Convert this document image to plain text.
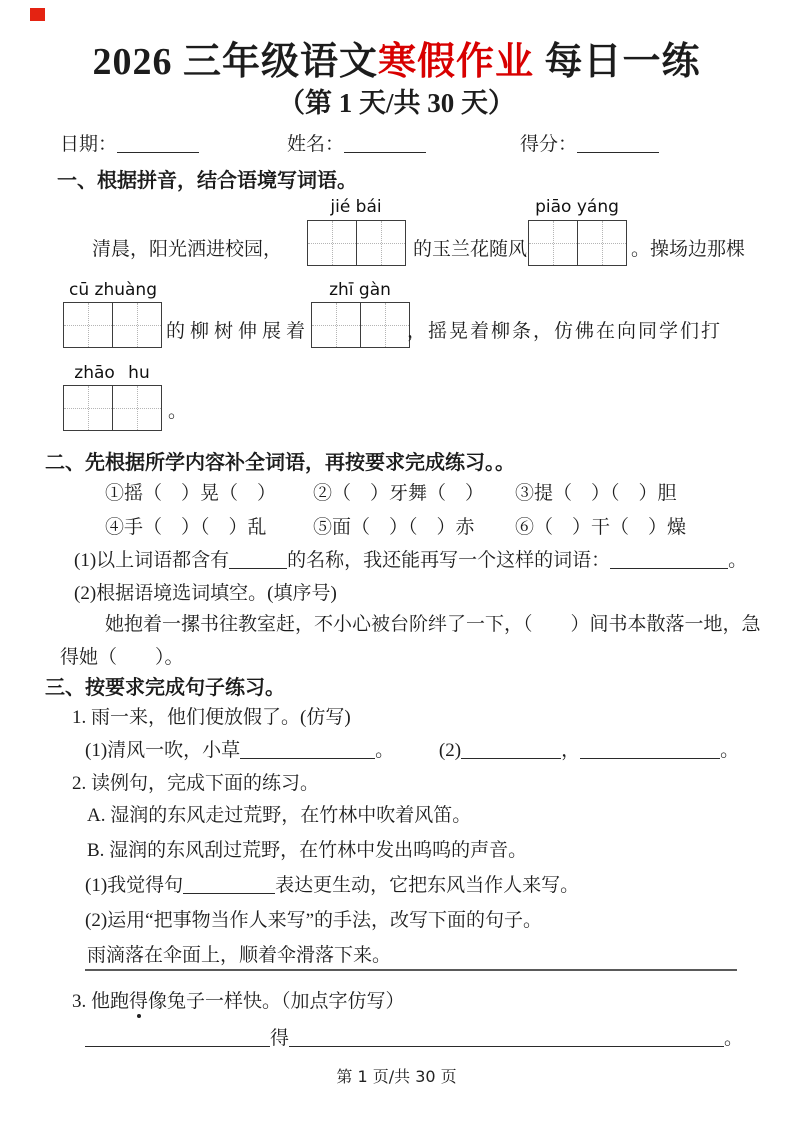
2026 三年级语文寒假作业 每日一练
（第 1 天/共 30 天）
日期：	姓名：	得分：
一、根据拼音，结合语境写词语。
jié bái	piāo yáng
清晨，阳光洒进校园，	的玉兰花随风	。操场边那棵
cū zhuàng	zhī gàn
的柳树伸展着	，摇晃着柳条，仿佛在向同学们打
zhāo hu
。
二、先根据所学内容补全词语，再按要求完成练习。。
①摇（　）晃（　） ②（　）牙舞（　） ③提（　）（　）胆
④手（　）（　）乱 ⑤面（　）（　）赤 ⑥（　）干（　）燥
(1)以上词语都含有	的名称，我还能再写一个这样的词语：	。
(2)根据语境选词填空。(填序号)
她抱着一摞书往教室赶，不小心被台阶绊了一下，（　　）间书本散落一地，急
得她（　　）。
三、按要求完成句子练习。
1. 雨一来，他们便放假了。(仿写)
(1)清风一吹，小草	。 (2)	，	。
2. 读例句，完成下面的练习。
A. 湿润的东风走过荒野，在竹林中吹着风笛。
B. 湿润的东风刮过荒野，在竹林中发出呜呜的声音。
(1)我觉得句	表达更生动，它把东风当作人来写。
(2)运用“把事物当作人来写”的手法，改写下面的句子。
雨滴落在伞面上，顺着伞滑落下来。
3. 他跑得像兔子一样快。（加点字仿写）
得	。
第 1 页/共 30 页
